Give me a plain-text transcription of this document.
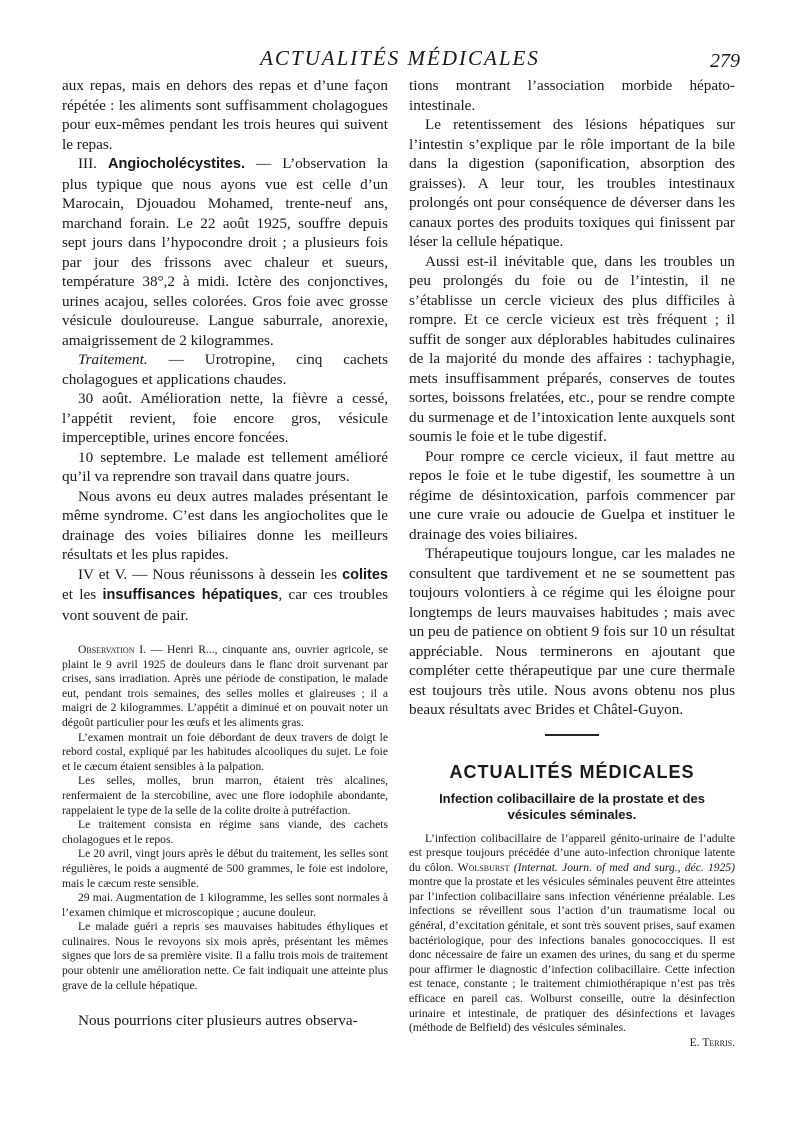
ACTUALITÉS MÉDICALES	279

aux repas, mais en dehors des repas et d’une façon répétée : les aliments sont suffisamment cholagogues pour eux-mêmes pendant les trois heures qui suivent le repas.

III. Angiocholécystites. — L’observation la plus typique que nous ayons vue est celle d’un Marocain, Djouadou Mohamed, trente-neuf ans, marchand forain. Le 22 août 1925, souffre depuis sept jours dans l’hypocondre droit ; a plusieurs fois par jour des frissons avec chaleur et sueurs, température 38°,2 à midi. Ictère des conjonctives, urines acajou, selles colorées. Gros foie avec grosse vésicule douloureuse. Langue saburrale, anorexie, amaigrissement de 2 kilogrammes.

Traitement. — Urotropine, cinq cachets cholagogues et applications chaudes.

30 août. Amélioration nette, la fièvre a cessé, l’appétit revient, foie encore gros, vésicule imperceptible, urines encore foncées.

10 septembre. Le malade est tellement amélioré qu’il va reprendre son travail dans quatre jours.

Nous avons eu deux autres malades présentant le même syndrome. C’est dans les angiocholites que le drainage des voies biliaires donne les meilleurs résultats et les plus rapides.

IV et V. — Nous réunissons à dessein les colites et les insuffisances hépatiques, car ces troubles vont souvent de pair.

Observation I. — Henri R..., cinquante ans, ouvrier agricole, se plaint le 9 avril 1925 de douleurs dans le flanc droit survenant par crises, sans irradiation. Après une période de constipation, le malade eut, pendant trois semaines, des selles molles et glaireuses ; il a maigri de 2 kilogrammes. L’appétit a diminué et on pouvait noter un dégoût particulier pour les œufs et les aliments gras.

L’examen montrait un foie débordant de deux travers de doigt le rebord costal, expliqué par les habitudes alcooliques du sujet. Le foie et le cæcum étaient sensibles à la palpation.

Les selles, molles, brun marron, étaient très alcalines, renfermaient de la stercobiline, avec une flore iodophile abondante, rappelaient le type de la selle de la colite droite à putréfaction.

Le traitement consista en régime sans viande, des cachets cholagogues et le repos.

Le 20 avril, vingt jours après le début du traitement, les selles sont régulières, le poids a augmenté de 500 grammes, le foie est indolore, mais le cæcum reste sensible.

29 mai. Augmentation de 1 kilogramme, les selles sont normales à l’examen chimique et microscopique ; aucune douleur.

Le malade guéri a repris ses mauvaises habitudes éthyliques et culinaires. Nous le revoyons six mois après, présentant les mêmes signes que lors de sa première visite. Il a fallu trois mois de traitement pour obtenir une amélioration nette. Ce fait indiquait une atteinte plus grave de la cellule hépatique.

Nous pourrions citer plusieurs autres observa-

tions montrant l’association morbide hépato-intestinale.

Le retentissement des lésions hépatiques sur l’intestin s’explique par le rôle important de la bile dans la digestion (saponification, absorption des graisses). A leur tour, les troubles intestinaux prolongés ont pour conséquence de déverser dans les canaux portes des produits toxiques qui finissent par léser la cellule hépatique.

Aussi est-il inévitable que, dans les troubles un peu prolongés du foie ou de l’intestin, il ne s’établisse un cercle vicieux des plus difficiles à rompre. Et ce cercle vicieux est très fréquent ; il suffit de songer aux déplorables habitudes culinaires de la majorité du monde des affaires : tachyphagie, mets insuffisamment préparés, conserves de toutes sortes, boissons frelatées, etc., pour se rendre compte du surmenage et de l’intoxication lente auxquels sont soumis le foie et le tube digestif.

Pour rompre ce cercle vicieux, il faut mettre au repos le foie et le tube digestif, les soumettre à un régime de désintoxication, parfois commencer par une cure vraie ou adoucie de Guelpa et instituer le drainage des voies biliaires.

Thérapeutique toujours longue, car les malades ne consultent que tardivement et ne se soumettent pas toujours volontiers à ce régime qui les éloigne pour longtemps de leurs mauvaises habitudes ; mais avec un peu de patience on obtient 9 fois sur 10 un résultat appréciable. Nous terminerons en ajoutant que compléter cette thérapeutique par une cure thermale est toujours très utile. Nous avons obtenu nos plus beaux résultats avec Brides et Châtel-Guyon.

ACTUALITÉS MÉDICALES
Infection colibacillaire de la prostate et des vésicules séminales.

L’infection colibacillaire de l’appareil génito-urinaire de l’adulte est presque toujours précédée d’une auto-infection chronique latente du côlon. Wolsburst (Internat. Journ. of med and surg., déc. 1925) montre que la prostate et les vésicules séminales peuvent être atteintes par l’infection colibacillaire sans infection vénérienne préalable. Les infections se réveillent sous l’action d’un traumatisme local ou général, d’excitation génitale, et sont très souvent prises, sauf examen bactériologique, pour des infections banales gonococciques. Il est donc nécessaire de faire un examen des urines, du sang et du sperme pour affirmer le diagnostic d’infection colibacillaire. Cette infection est tenace, constante ; le traitement chimiothérapique n’est pas très efficace en pareil cas. Wolburst conseille, outre la désinfection urinaire et intestinale, de pratiquer des désinfections et lavages (méthode de Belfield) des vésicules séminales.

E. Terris.
